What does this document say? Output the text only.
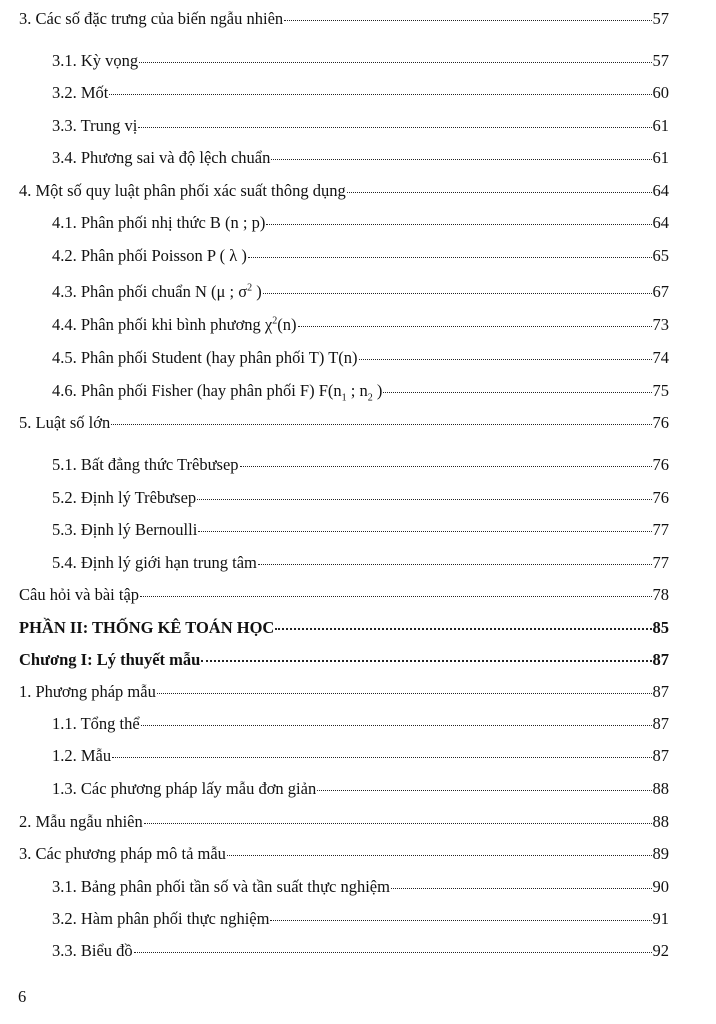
3. Các số đặc trưng của biến ngẫu nhiên	57
3.1. Kỳ vọng	57
3.2. Mốt	60
3.3. Trung vị	61
3.4. Phương sai và độ lệch chuẩn	61
4. Một số quy luật phân phối xác suất thông dụng	64
4.1. Phân phối nhị thức B (n ; p)	64
4.2. Phân phối Poisson P ( λ )	65
4.3. Phân phối chuẩn N (μ ; $\sigma^2$ )	67
4.4. Phân phối khi bình phương $\chi^2(n)$	73
4.5. Phân phối Student (hay phân phối T) T(n)	74
4.6. Phân phối Fisher (hay phân phối F) $F(n_1$ ; $n_2$ )	75
5. Luật số lớn	76
5.1. Bất đẳng thức Trêbưsep	76
5.2. Định lý Trêbưsep	76
5.3. Định lý Bernoulli	77
5.4. Định lý giới hạn trung tâm	77
Câu hỏi và bài tập	78
PHẦN II: THỐNG KÊ TOÁN HỌC	85
Chương I: Lý thuyết mẫu	87
1. Phương pháp mẫu	87
1.1. Tổng thể	87
1.2. Mẫu	87
1.3. Các phương pháp lấy mẫu đơn giản	88
2. Mẫu ngẫu nhiên	88
3. Các phương pháp mô tả mẫu	89
3.1. Bảng phân phối tần số và tần suất thực nghiệm	90
3.2. Hàm phân phối thực nghiệm	91
3.3. Biểu đồ	92
6
